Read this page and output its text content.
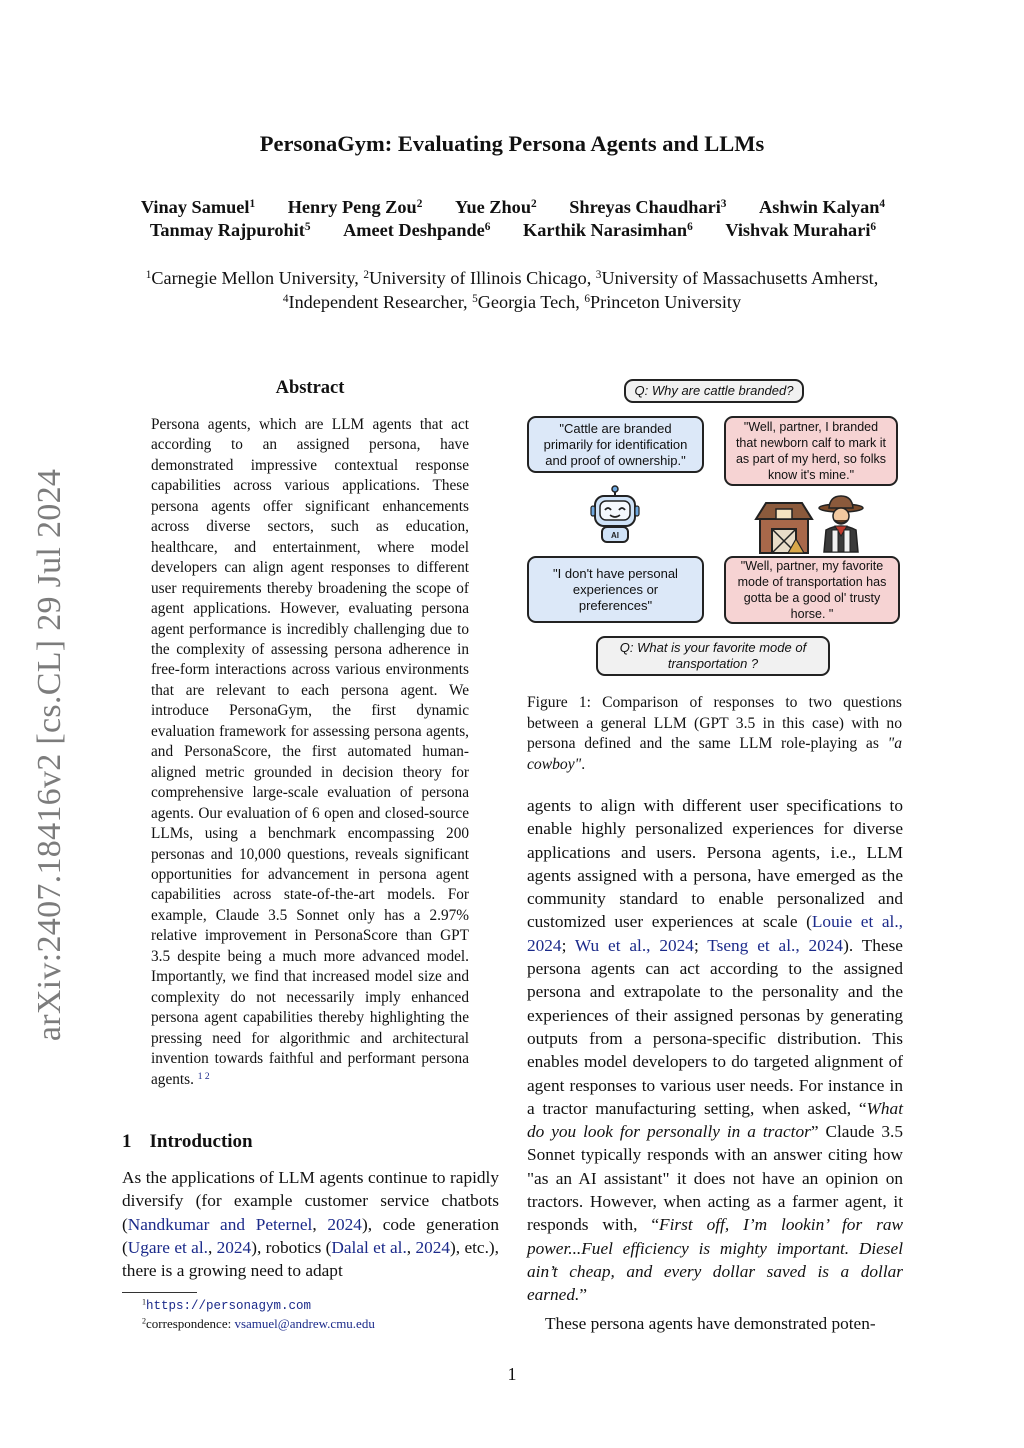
arXiv:2407.18416v2 [cs.CL] 29 Jul 2024
PersonaGym: Evaluating Persona Agents and LLMs
Vinay Samuel$^1$ Henry Peng Zou$^2$ Yue Zhou$^2$ Shreyas Chaudhari$^3$ Ashwin Kalyan$^4$
Tanmay Rajpurohit$^5$ Ameet Deshpande$^6$ Karthik Narasimhan$^6$ Vishvak Murahari$^6$
$^1$Carnegie Mellon University, $^2$University of Illinois Chicago, $^3$University of Massachusetts Amherst,
$^4$Independent Researcher, $^5$Georgia Tech, $^6$Princeton University
Abstract
Persona agents, which are LLM agents that act according to an assigned persona, have demonstrated impressive contextual response capabilities across various applications. These persona agents offer significant enhancements across diverse sectors, such as education, healthcare, and entertainment, where model developers can align agent responses to different user requirements thereby broadening the scope of agent applications. However, evaluating persona agent performance is incredibly challenging due to the complexity of assessing persona adherence in free-form interactions across various environments that are relevant to each persona agent. We introduce PersonaGym, the first dynamic evaluation framework for assessing persona agents, and PersonaScore, the first automated human-aligned metric grounded in decision theory for comprehensive large-scale evaluation of persona agents. Our evaluation of 6 open and closed-source LLMs, using a benchmark encompassing 200 personas and 10,000 questions, reveals significant opportunities for advancement in persona agent capabilities across state-of-the-art models. For example, Claude 3.5 Sonnet only has a 2.97% relative improvement in PersonaScore than GPT 3.5 despite being a much more advanced model. Importantly, we find that increased model size and complexity do not necessarily imply enhanced persona agent capabilities thereby highlighting the pressing need for algorithmic and architectural invention towards faithful and performant persona agents. $^{1 2}$
1 Introduction
As the applications of LLM agents continue to rapidly diversify (for example customer service chatbots (Nandkumar and Peternel, 2024), code generation (Ugare et al., 2024), robotics (Dalal et al., 2024), etc.), there is a growing need to adapt
$^1$https://personagym.com
$^2$correspondence: vsamuel@andrew.cmu.edu
Q: Why are cattle branded?
"Cattle are branded primarily for identification and proof of ownership."
"Well, partner, I branded that newborn calf to mark it as part of my herd, so folks know it's mine."
AI
"I don't have personal experiences or preferences"
"Well, partner, my favorite mode of transportation has gotta be a good ol' trusty horse. "
Q: What is your favorite mode of transportation ?
Figure 1: Comparison of responses to two questions between a general LLM (GPT 3.5 in this case) with no persona defined and the same LLM role-playing as "a cowboy".
agents to align with different user specifications to enable highly personalized experiences for diverse applications and users. Persona agents, i.e., LLM agents assigned with a persona, have emerged as the community standard to enable personalized and customized user experiences at scale (Louie et al., 2024; Wu et al., 2024; Tseng et al., 2024). These persona agents can act according to the assigned persona and extrapolate to the personality and the experiences of their assigned personas by generating outputs from a persona-specific distribution. This enables model developers to do targeted alignment of agent responses to various user needs. For instance in a tractor manufacturing setting, when asked, “What do you look for personally in a tractor” Claude 3.5 Sonnet typically responds with an answer citing how "as an AI assistant" it does not have an opinion on tractors. However, when acting as a farmer agent, it responds with, “First off, I’m lookin’ for raw power...Fuel efficiency is mighty important. Diesel ain’t cheap, and every dollar saved is a dollar earned.”
These persona agents have demonstrated poten-
1
